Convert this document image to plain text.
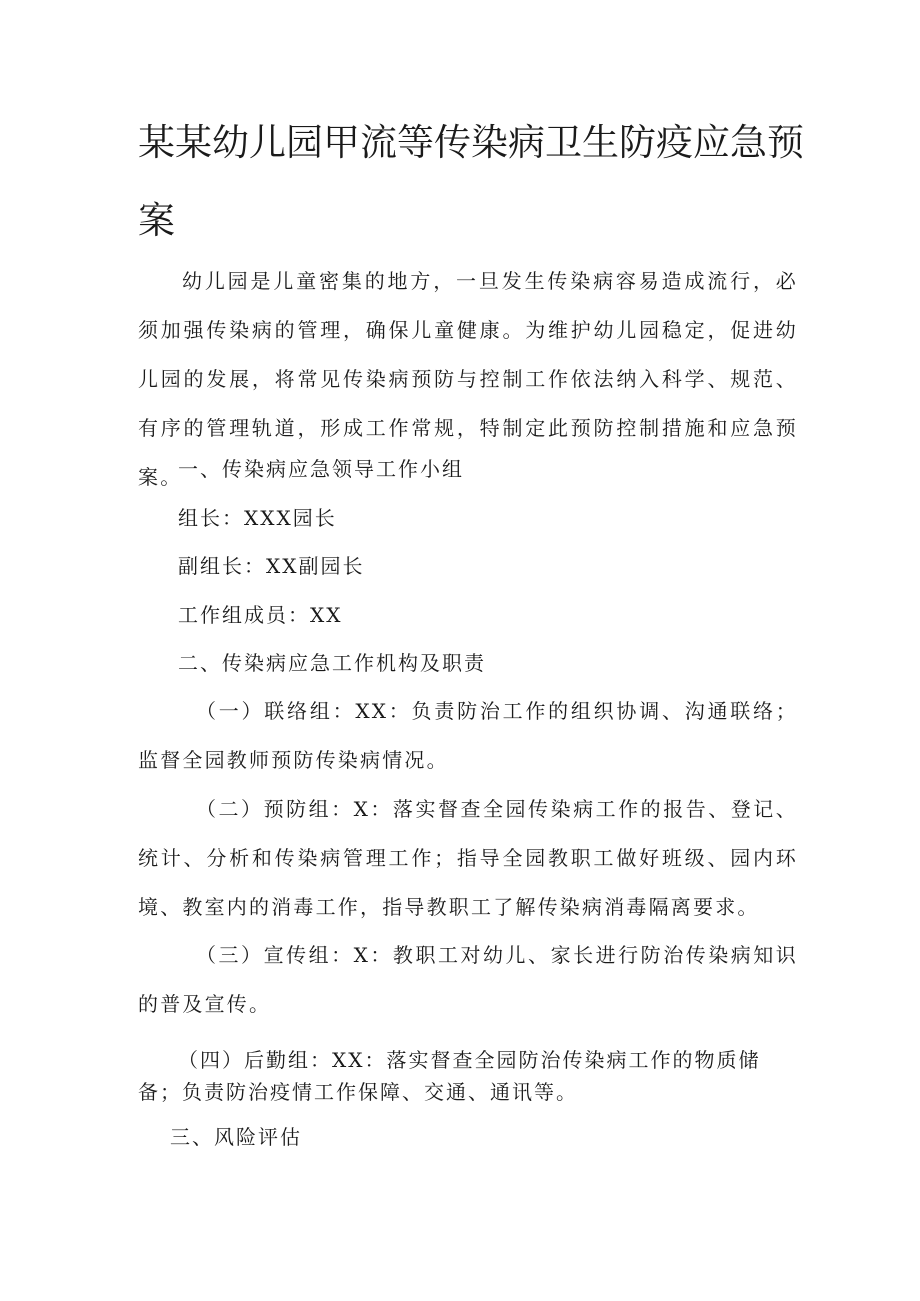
某某幼儿园甲流等传染病卫生防疫应急预
案

幼儿园是儿童密集的地方，一旦发生传染病容易造成流行，必须加强传染病的管理，确保儿童健康。为维护幼儿园稳定，促进幼儿园的发展，将常见传染病预防与控制工作依法纳入科学、规范、有序的管理轨道，形成工作常规，特制定此预防控制措施和应急预案。

一、传染病应急领导工作小组

组长：XXX园长

副组长：XX副园长

工作组成员：XX

二、传染病应急工作机构及职责

（一）联络组：XX：负责防治工作的组织协调、沟通联络；监督全园教师预防传染病情况。

（二）预防组：X：落实督查全园传染病工作的报告、登记、统计、分析和传染病管理工作；指导全园教职工做好班级、园内环境、教室内的消毒工作，指导教职工了解传染病消毒隔离要求。

（三）宣传组：X：教职工对幼儿、家长进行防治传染病知识的普及宣传。

（四）后勤组：XX：落实督查全园防治传染病工作的物质储

备；负责防治疫情工作保障、交通、通讯等。

三、风险评估
